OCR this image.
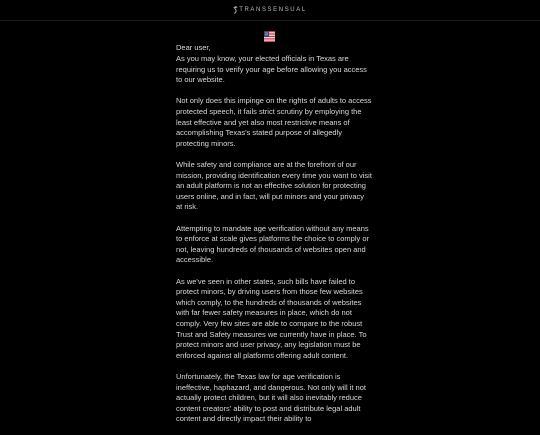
TRANSSENSUAL

Dear user,

As you may know, your elected officials in Texas are requiring us to verify your age before allowing you access to our website.

Not only does this impinge on the rights of adults to access protected speech, it fails strict scrutiny by employing the least effective and yet also most restrictive means of accomplishing Texas's stated purpose of allegedly protecting minors.

While safety and compliance are at the forefront of our mission, providing identification every time you want to visit an adult platform is not an effective solution for protecting users online, and in fact, will put minors and your privacy at risk.

Attempting to mandate age verification without any means to enforce at scale gives platforms the choice to comply or not, leaving hundreds of thousands of websites open and accessible.

As we've seen in other states, such bills have failed to protect minors, by driving users from those few websites which comply, to the hundreds of thousands of websites with far fewer safety measures in place, which do not comply. Very few sites are able to compare to the robust Trust and Safety measures we currently have in place. To protect minors and user privacy, any legislation must be enforced against all platforms offering adult content.

Unfortunately, the Texas law for age verification is ineffective, haphazard, and dangerous. Not only will it not actually protect children, but it will also inevitably reduce content creators' ability to post and distribute legal adult content and directly impact their ability to
